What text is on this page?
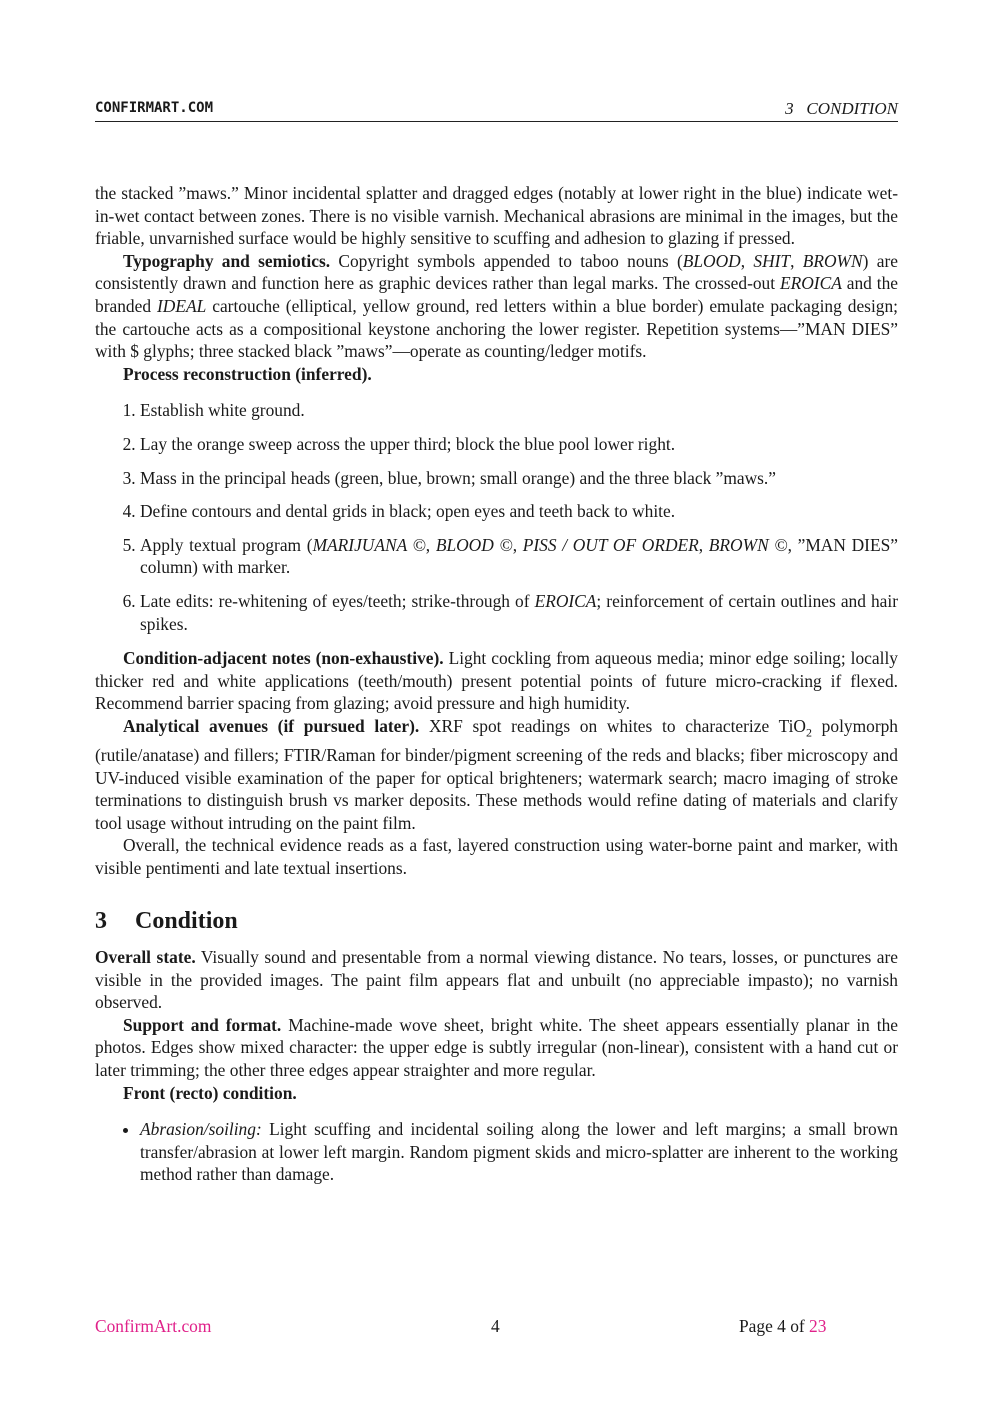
CONFIRMART.COM	3   CONDITION

the stacked ”maws.” Minor incidental splatter and dragged edges (notably at lower right in the blue) indicate wet-in-wet contact between zones. There is no visible varnish. Mechanical abrasions are minimal in the images, but the friable, unvarnished surface would be highly sensitive to scuffing and adhesion to glazing if pressed.

Typography and semiotics. Copyright symbols appended to taboo nouns (BLOOD, SHIT, BROWN) are consistently drawn and function here as graphic devices rather than legal marks. The crossed-out EROICA and the branded IDEAL cartouche (elliptical, yellow ground, red letters within a blue border) emulate packaging design; the cartouche acts as a compositional keystone anchoring the lower register. Repetition systems—”MAN DIES” with $ glyphs; three stacked black ”maws”—operate as counting/ledger motifs.

Process reconstruction (inferred).

1. Establish white ground.
2. Lay the orange sweep across the upper third; block the blue pool lower right.
3. Mass in the principal heads (green, blue, brown; small orange) and the three black ”maws.”
4. Define contours and dental grids in black; open eyes and teeth back to white.
5. Apply textual program (MARIJUANA ©, BLOOD ©, PISS / OUT OF ORDER, BROWN ©, ”MAN DIES” column) with marker.
6. Late edits: re-whitening of eyes/teeth; strike-through of EROICA; reinforcement of certain outlines and hair spikes.

Condition-adjacent notes (non-exhaustive). Light cockling from aqueous media; minor edge soiling; locally thicker red and white applications (teeth/mouth) present potential points of future micro-cracking if flexed. Recommend barrier spacing from glazing; avoid pressure and high humidity.

Analytical avenues (if pursued later). XRF spot readings on whites to characterize TiO$_2$ polymorph (rutile/anatase) and fillers; FTIR/Raman for binder/pigment screening of the reds and blacks; fiber microscopy and UV-induced visible examination of the paper for optical brighteners; watermark search; macro imaging of stroke terminations to distinguish brush vs marker deposits. These methods would refine dating of materials and clarify tool usage without intruding on the paint film.

Overall, the technical evidence reads as a fast, layered construction using water-borne paint and marker, with visible pentimenti and late textual insertions.

3 Condition

Overall state. Visually sound and presentable from a normal viewing distance. No tears, losses, or punctures are visible in the provided images. The paint film appears flat and unbuilt (no appreciable impasto); no varnish observed.

Support and format. Machine-made wove sheet, bright white. The sheet appears essentially planar in the photos. Edges show mixed character: the upper edge is subtly irregular (non-linear), consistent with a hand cut or later trimming; the other three edges appear straighter and more regular.

Front (recto) condition.

• Abrasion/soiling: Light scuffing and incidental soiling along the lower and left margins; a small brown transfer/abrasion at lower left margin. Random pigment skids and micro-splatter are inherent to the working method rather than damage.
ConfirmArt.com	4	Page 4 of 23
